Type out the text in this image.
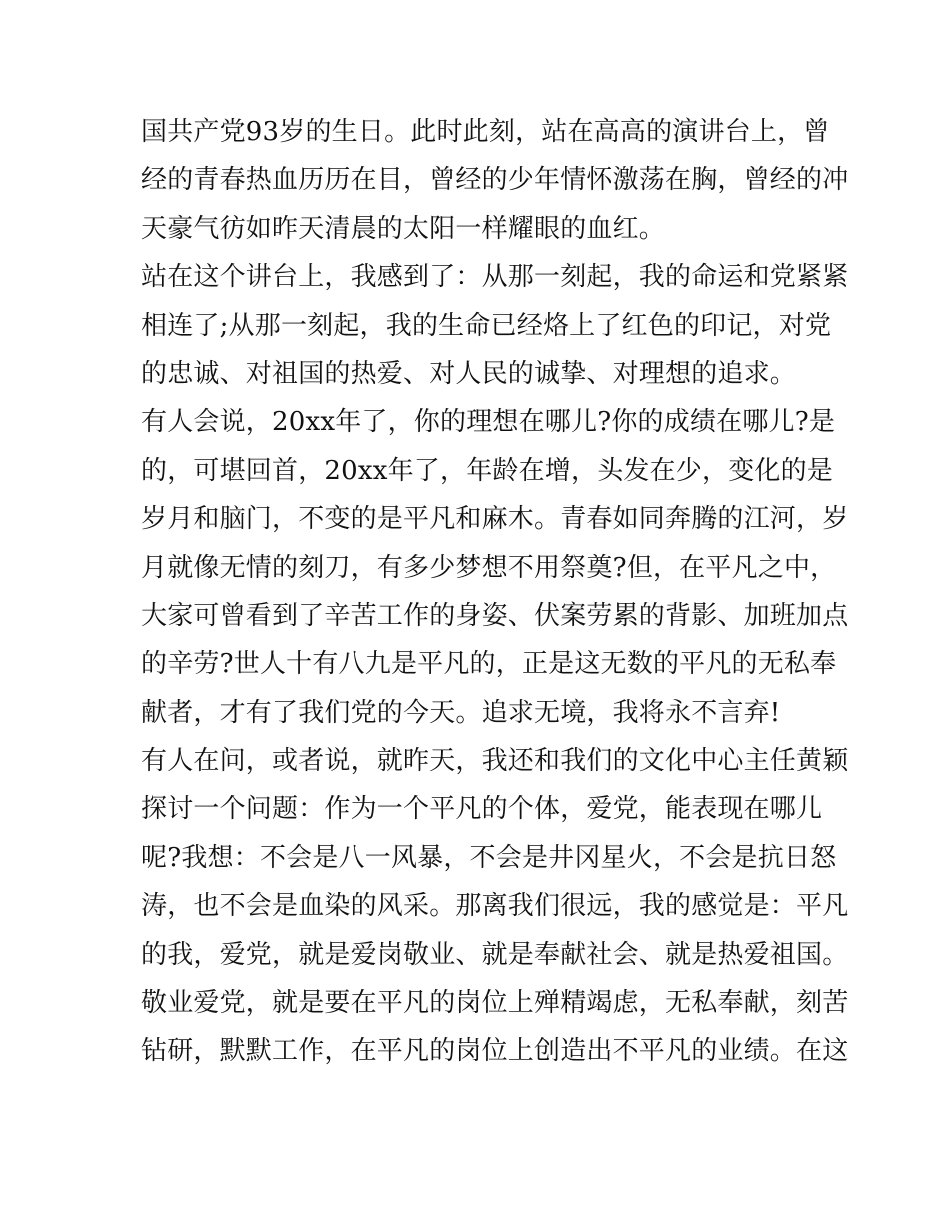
国共产党93岁的生日。此时此刻，站在高高的演讲台上，曾
经的青春热血历历在目，曾经的少年情怀激荡在胸，曾经的冲
天豪气彷如昨天清晨的太阳一样耀眼的血红。
站在这个讲台上，我感到了：从那一刻起，我的命运和党紧紧
相连了;从那一刻起，我的生命已经烙上了红色的印记，对党
的忠诚、对祖国的热爱、对人民的诚挚、对理想的追求。
有人会说，20xx年了，你的理想在哪儿?你的成绩在哪儿?是
的，可堪回首，20xx年了，年龄在增，头发在少，变化的是
岁月和脑门，不变的是平凡和麻木。青春如同奔腾的江河，岁
月就像无情的刻刀，有多少梦想不用祭奠?但，在平凡之中，
大家可曾看到了辛苦工作的身姿、伏案劳累的背影、加班加点
的辛劳?世人十有八九是平凡的，正是这无数的平凡的无私奉
献者，才有了我们党的今天。追求无境，我将永不言弃!
有人在问，或者说，就昨天，我还和我们的文化中心主任黄颖
探讨一个问题：作为一个平凡的个体，爱党，能表现在哪儿
呢?我想：不会是八一风暴，不会是井冈星火，不会是抗日怒
涛，也不会是血染的风采。那离我们很远，我的感觉是：平凡
的我，爱党，就是爱岗敬业、就是奉献社会、就是热爱祖国。
敬业爱党，就是要在平凡的岗位上殚精竭虑，无私奉献，刻苦
钻研，默默工作，在平凡的岗位上创造出不平凡的业绩。在这
